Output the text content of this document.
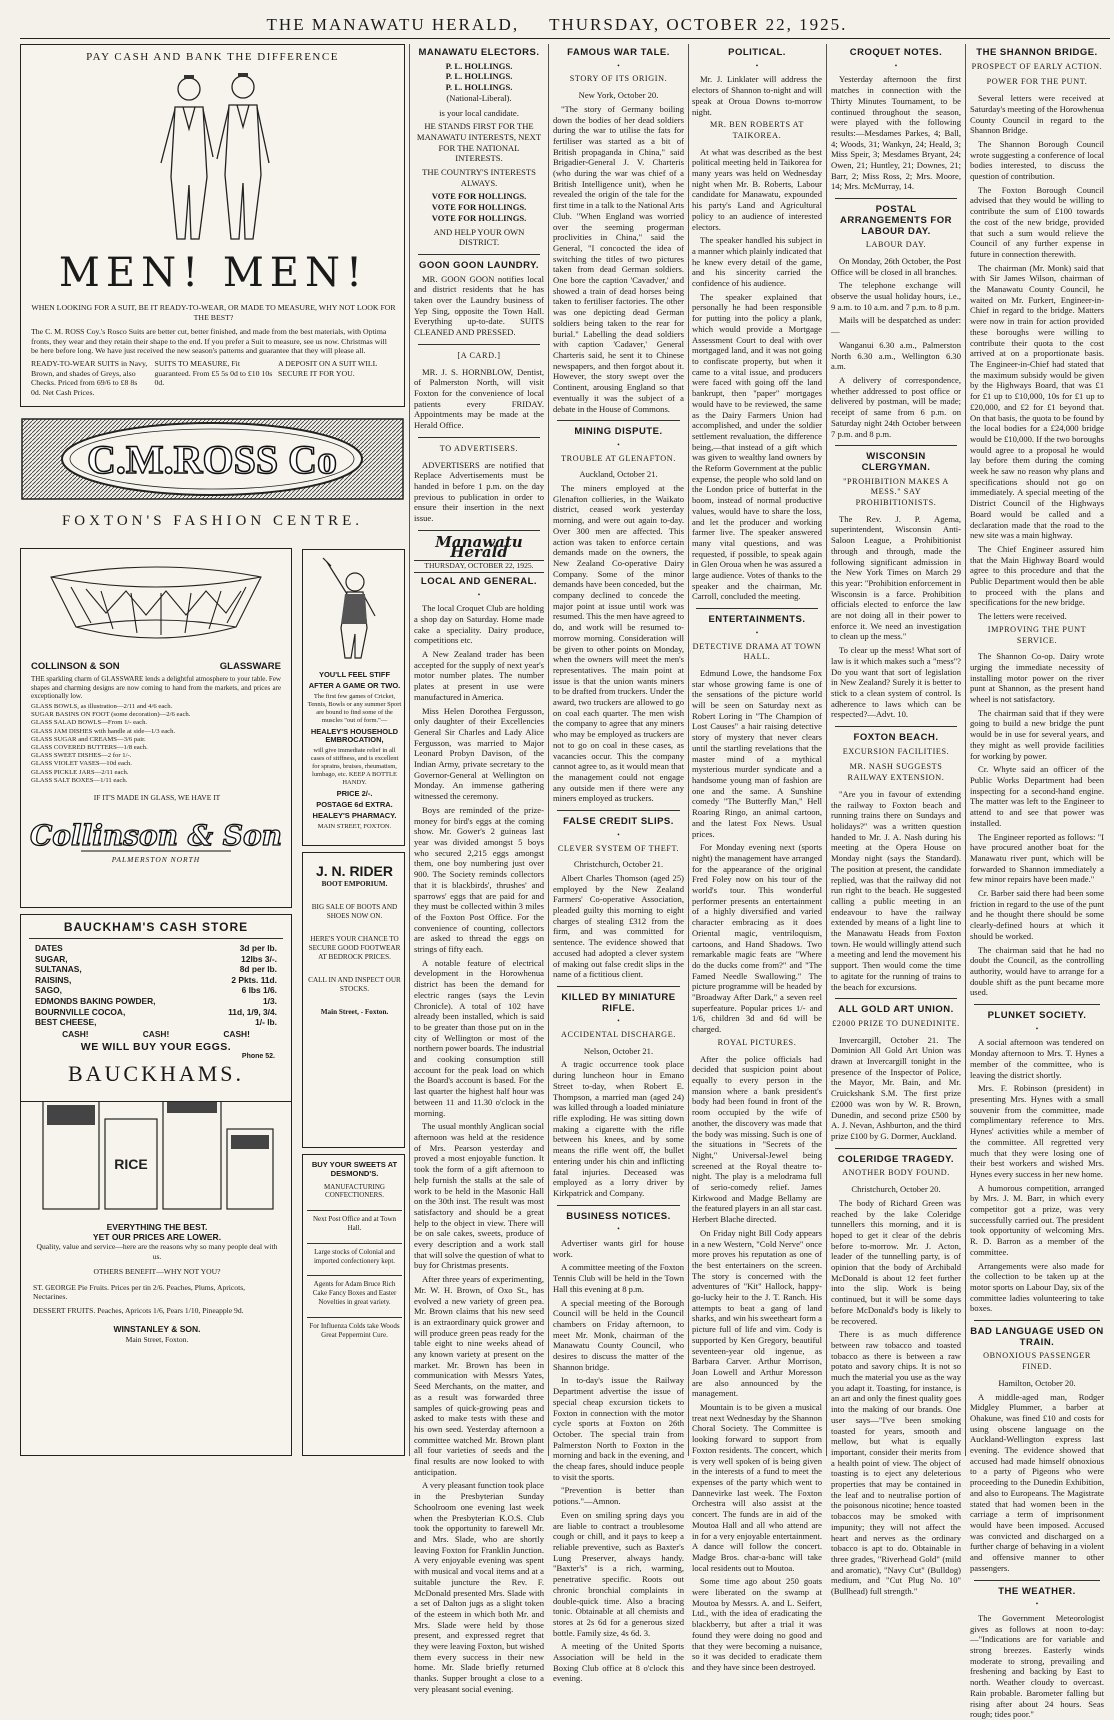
THE MANAWATU HERALD, THURSDAY, OCTOBER 22, 1925.
PAY CASH AND BANK THE DIFFERENCE
MEN! MEN!
WHEN LOOKING FOR A SUIT, BE IT READY-TO-WEAR, OR MADE TO MEASURE, WHY NOT LOOK FOR THE BEST?
The C. M. ROSS Coy.'s Rosco Suits are better cut, better finished, and made from the best materials, with Optima fronts, they wear and they retain their shape to the end. If you prefer a Suit to measure, see us now. Christmas will be here before long. We have just received the new season's patterns and guarantee that they will please all.
READY-TO-WEAR SUITS in Navy, Brown, and shades of Greys, also Checks. Priced from 69/6 to £8 8s 0d. Net Cash Prices.
SUITS TO MEASURE, Fit guaranteed. From £5 5s 0d to £10 10s 0d.
A DEPOSIT ON A SUIT WILL SECURE IT FOR YOU.
C.M.ROSS Co
FOXTON'S FASHION CENTRE.
YOU'LL FEEL STIFF
AFTER A GAME OR TWO.
The first few games of Cricket, Tennis, Bowls or any summer Sport are bound to find some of the muscles "out of form."—
HEALEY'S HOUSEHOLD EMBROCATION,
will give immediate relief in all cases of stiffness, and is excellent for sprains, bruises, rheumatism, lumbago, etc. KEEP A BOTTLE HANDY.
PRICE 2/-.
POSTAGE 6d EXTRA.
HEALEY'S PHARMACY.
MAIN STREET, FOXTON.
J. N. RIDER
BOOT EMPORIUM.
BIG SALE OF BOOTS AND SHOES NOW ON.
HERE'S YOUR CHANCE TO SECURE GOOD FOOTWEAR AT BEDROCK PRICES.
CALL IN AND INSPECT OUR STOCKS.
Main Street, - Foxton.
RICE
EVERYTHING THE BEST.
YET OUR PRICES ARE LOWER.
Quality, value and service—here are the reasons why so many people deal with us.
OTHERS BENEFIT—WHY NOT YOU?
ST. GEORGE Pie Fruits. Prices per tin 2/6. Peaches, Plums, Apricots, Nectarines.
DESSERT FRUITS. Peaches, Apricots 1/6, Pears 1/10, Pineapple 9d.
WINSTANLEY & SON.
Main Street, Foxton.
BUY YOUR SWEETS AT DESMOND'S.
MANUFACTURING CONFECTIONERS.
Next Post Office and at Town Hall.
Large stocks of Colonial and imported confectionery kept.
Agents for Adam Bruce Rich Cake Fancy Boxes and Easter Novelties in great variety.
For Influenza Colds take Woods Great Peppermint Cure.
COLLINSON & SON	GLASSWARE
THE sparkling charm of GLASSWARE lends a delightful atmosphere to your table. Few shapes and charming designs are now coming to hand from the markets, and prices are exceptionally low.
GLASS BOWLS, as illustration—2/11 and 4/6 each.
SUGAR BASINS ON FOOT (some decoration)—2/6 each.
GLASS SALAD BOWLS—From 1/- each.
GLASS JAM DISHES with handle at side—1/3 each.
GLASS SUGAR and CREAMS—3/6 pair.
GLASS COVERED BUTTERS—1/8 each.
GLASS SWEET DISHES—2 for 1/-.
GLASS VIOLET VASES—10d each.
GLASS PICKLE JARS—2/11 each.
GLASS SALT BOXES—1/11 each.
IF IT'S MADE IN GLASS, WE HAVE IT
Collinson & Son
PALMERSTON NORTH
BAUCKHAM'S CASH STORE
DATES	3d per lb.
SUGAR,	12lbs 3/-.
SULTANAS,	8d per lb.
RAISINS,	2 Pkts. 11d.
SAGO,	6 lbs 1/6.
EDMONDS BAKING POWDER,	1/3.
BOURNVILLE COCOA,	11d, 1/9, 3/4.
BEST CHEESE,	1/- lb.
CASH!	CASH!	CASH!
WE WILL BUY YOUR EGGS.
Phone 52.
BAUCKHAMS.
MANAWATU ELECTORS.
P. L. HOLLINGS.
P. L. HOLLINGS.
P. L. HOLLINGS.
(National-Liberal).

is your local candidate.

HE STANDS FIRST FOR THE MANAWATU INTERESTS, NEXT FOR THE NATIONAL INTERESTS.

THE COUNTRY'S INTERESTS ALWAYS.

VOTE FOR HOLLINGS.
VOTE FOR HOLLINGS.
VOTE FOR HOLLINGS.

AND HELP YOUR OWN DISTRICT.

GOON GOON LAUNDRY.

MR. GOON GOON notifies local and district residents that he has taken over the Laundry business of Yep Sing, opposite the Town Hall. Everything up-to-date. SUITS CLEANED AND PRESSED.

[A CARD.]

MR. J. S. HORNBLOW, Dentist, of Palmerston North, will visit Foxton for the convenience of local patients every FRIDAY. Appointments may be made at the Herald Office.

TO ADVERTISERS.

ADVERTISERS are notified that Replace Advertisements must be handed in before 1 p.m. on the day previous to publication in order to ensure their insertion in the next issue.

Manawatu Herald
THURSDAY, OCTOBER 22, 1925.
LOCAL AND GENERAL.
•

The local Croquet Club are holding a shop day on Saturday. Home made cake a speciality. Dairy produce, competitions etc.

A New Zealand trader has been accepted for the supply of next year's motor number plates. The number plates at present in use were manufactured in America.

Miss Helen Dorothea Fergusson, only daughter of their Excellencies General Sir Charles and Lady Alice Fergusson, was married to Major Leonard Probyn Davison, of the Indian Army, private secretary to the Governor-General at Wellington on Monday. An immense gathering witnessed the ceremony.

Boys are reminded of the prize-money for bird's eggs at the coming show. Mr. Gower's 2 guineas last year was divided amongst 5 boys who secured 2,215 eggs amongst them, one boy numbering just over 900. The Society reminds collectors that it is blackbirds', thrushes' and sparrows' eggs that are paid for and they must be collected within 3 miles of the Foxton Post Office. For the convenience of counting, collectors are asked to thread the eggs on strings of fifty each.

A notable feature of electrical development in the Horowhenua district has been the demand for electric ranges (says the Levin Chronicle). A total of 102 have already been installed, which is said to be greater than those put on in the city of Wellington or most of the northern power boards. The industrial and cooking consumption still account for the peak load on which the Board's account is based. For the last quarter the highest half hour was between 11 and 11.30 o'clock in the morning.

The usual monthly Anglican social afternoon was held at the residence of Mrs. Pearson yesterday and proved a most enjoyable function. It took the form of a gift afternoon to help furnish the stalls at the sale of work to be held in the Masonic Hall on the 30th inst. The result was most satisfactory and should be a great help to the object in view. There will be on sale cakes, sweets, produce of every description and a work stall that will solve the question of what to buy for Christmas presents.

After three years of experimenting, Mr. W. H. Brown, of Oxo St., has evolved a new variety of green pea. Mr. Brown claims that his new seed is an extraordinary quick grower and will produce green peas ready for the table eight to nine weeks ahead of any known variety at present on the market. Mr. Brown has been in communication with Messrs Yates, Seed Merchants, on the matter, and as a result was forwarded three samples of quick-growing peas and asked to make tests with these and his own seed. Yesterday afternoon a committee watched Mr. Brown plant all four varieties of seeds and the final results are now looked to with anticipation.

A very pleasant function took place in the Presbyterian Sunday Schoolroom one evening last week when the Presbyterian K.O.S. Club took the opportunity to farewell Mr. and Mrs. Slade, who are shortly leaving Foxton for Franklin Junction. A very enjoyable evening was spent with musical and vocal items and at a suitable juncture the Rev. F. McDonald presented Mrs. Slade with a set of Dalton jugs as a slight token of the esteem in which both Mr. and Mrs. Slade were held by those present, and expressed regret that they were leaving Foxton, but wished them every success in their new home. Mr. Slade briefly returned thanks. Supper brought a close to a very pleasant social evening.

FAMOUS WAR TALE.
•
STORY OF ITS ORIGIN.

New York, October 20.

"The story of Germany boiling down the bodies of her dead soldiers during the war to utilise the fats for fertiliser was started as a bit of British propaganda in China," said Brigadier-General J. V. Charteris (who during the war was chief of a British Intelligence unit), when he revealed the origin of the tale for the first time in a talk to the National Arts Club. "When England was worried over the seeming progerman proclivities in China," said the General, "I concocted the idea of switching the titles of two pictures taken from dead German soldiers. One bore the caption 'Cavadver,' and showed a train of dead horses being taken to fertiliser factories. The other was one depicting dead German soldiers being taken to the rear for burial." Labelling the dead soldiers with caption 'Cadaver,' General Charteris said, he sent it to Chinese newspapers, and then forgot about it. However, the story swept over the Continent, arousing England so that eventually it was the subject of a debate in the House of Commons.

MINING DISPUTE.
•
TROUBLE AT GLENAFTON.

Auckland, October 21.

The miners employed at the Glenafton collieries, in the Waikato district, ceased work yesterday morning, and were out again to-day. Over 300 men are affected. This action was taken to enforce certain demands made on the owners, the New Zealand Co-operative Dairy Company. Some of the minor demands have been conceded, but the company declined to concede the major point at issue until work was resumed. This the men have agreed to do, and work will be resumed to-morrow morning. Consideration will be given to other points on Monday, when the owners will meet the men's representatives. The main point at issue is that the union wants miners to be drafted from truckers. Under the award, two truckers are allowed to go on coal each quarter. The men wish the company to agree that any miners who may be employed as truckers are not to go on coal in these cases, as vacancies occur. This the company cannot agree to, as it would mean that the management could not engage any outside men if there were any miners employed as truckers.

FALSE CREDIT SLIPS.
•
CLEVER SYSTEM OF THEFT.

Christchurch, October 21.

Albert Charles Thomson (aged 25) employed by the New Zealand Farmers' Co-operative Association, pleaded guilty this morning to eight charges of stealing £312 from the firm, and was committed for sentence. The evidence showed that accused had adopted a clever system of making out false credit slips in the name of a fictitious client.

KILLED BY MINIATURE RIFLE.
•
ACCIDENTAL DISCHARGE.

Nelson, October 21.

A tragic occurrence took place during luncheon hour in Emano Street to-day, when Robert E. Thompson, a married man (aged 24) was killed through a loaded miniature rifle exploding. He was sitting down making a cigarette with the rifle between his knees, and by some means the rifle went off, the bullet entering under his chin and inflicting fatal injuries. Deceased was employed as a lorry driver by Kirkpatrick and Company.

BUSINESS NOTICES.
•

Advertiser wants girl for house work.

A committee meeting of the Foxton Tennis Club will be held in the Town Hall this evening at 8 p.m.

A special meeting of the Borough Council will be held in the Council chambers on Friday afternoon, to meet Mr. Monk, chairman of the Manawatu County Council, who desires to discuss the matter of the Shannon bridge.

In to-day's issue the Railway Department advertise the issue of special cheap excursion tickets to Foxton in connection with the motor cycle sports at Foxton on 26th October. The special train from Palmerston North to Foxton in the morning and back in the evening, and the cheap fares, should induce people to visit the sports.

"Prevention is better than potions."—Amnon.

Even on smiling spring days you are liable to contract a troublesome cough or chill, and it pays to keep a reliable preventive, such as Baxter's Lung Preserver, always handy. "Baxter's" is a rich, warming, penetrative specific. Roots out chronic bronchial complaints in double-quick time. Also a bracing tonic. Obtainable at all chemists and stores at 2s 6d for a generous sized bottle. Family size, 4s 6d. 3.

A meeting of the United Sports Association will be held in the Boxing Club office at 8 o'clock this evening.

POLITICAL.
•

Mr. J. Linklater will address the electors of Shannon to-night and will speak at Oroua Downs to-morrow night.

MR. BEN ROBERTS AT TAIKOREA.

At what was described as the best political meeting held in Taikorea for many years was held on Wednesday night when Mr. B. Roberts, Labour candidate for Manawatu, expounded his party's Land and Agricultural policy to an audience of interested electors.

The speaker handled his subject in a manner which plainly indicated that he knew every detail of the game, and his sincerity carried the confidence of his audience.

The speaker explained that personally he had been responsible for putting into the policy a plank, which would provide a Mortgage Assessment Court to deal with over mortgaged land, and it was not going to confiscate property, but when it came to a vital issue, and producers were faced with going off the land bankrupt, then "paper" mortgages would have to be reviewed, the same as the Dairy Farmers Union had accomplished, and under the soldier settlement revaluation, the difference being,—that instead of a gift which was given to wealthy land owners by the Reform Government at the public expense, the people who sold land on the London price of butterfat in the boom, instead of normal productive values, would have to share the loss, and let the producer and working farmer live. The speaker answered many vital questions, and was requested, if possible, to speak again in Glen Oroua when he was assured a large audience. Votes of thanks to the speaker and the chairman, Mr. Carroll, concluded the meeting.

ENTERTAINMENTS.
•
DETECTIVE DRAMA AT TOWN HALL.

Edmund Lowe, the handsome Fox star whose growing fame is one of the sensations of the picture world will be seen on Saturday next as Robert Loring in "The Champion of Lost Causes" a hair raising detective story of mystery that never clears until the startling revelations that the master mind of a mythical mysterious murder syndicate and a handsome young man of fashion are one and the same. A Sunshine comedy "The Butterfly Man," Hell Roaring Ringo, an animal cartoon, and the latest Fox News. Usual prices.

For Monday evening next (sports night) the management have arranged for the appearance of the original Fred Foley now on his tour of the world's tour. This wonderful performer presents an entertainment of a highly diversified and varied character embracing as it does Oriental magic, ventriloquism, cartoons, and Hand Shadows. Two remarkable magic feats are "Where do the ducks come from?" and "The Famed Needle Swallowing." The picture programme will be headed by "Broadway After Dark," a seven reel superfeature. Popular prices 1/- and 1/6, children 3d and 6d will be charged.

ROYAL PICTURES.

After the police officials had decided that suspicion point about equally to every person in the mansion where a bank president's body had been found in front of the room occupied by the wife of another, the discovery was made that the body was missing. Such is one of the situations in "Secrets of the Night," Universal-Jewel being screened at the Royal theatre to-night. The play is a melodrama full of serio-comedy relief. James Kirkwood and Madge Bellamy are the featured players in an all star cast. Herbert Blache directed.

On Friday night Bill Cody appears in a new Western, "Cold Nerve" once more proves his reputation as one of the best entertainers on the screen. The story is concerned with the adventures of "Kit" Hallock, happy-go-lucky heir to the J. T. Ranch. His attempts to beat a gang of land sharks, and win his sweetheart form a picture full of life and vim. Cody is supported by Ken Gregory, beautiful seventeen-year old ingenue, as Barbara Carver. Arthur Morrison, Joan Lowell and Arthur Moresson are also announced by the management.

Mountain is to be given a musical treat next Wednesday by the Shannon Choral Society. The Committee is looking forward to support from Foxton residents. The concert, which is very well spoken of is being given in the interests of a fund to meet the expenses of the party which went to Dannevirke last week. The Foxton Orchestra will also assist at the concert. The funds are in aid of the Moutoa Hall and all who attend are in for a very enjoyable entertainment. A dance will follow the concert. Madge Bros. char-a-banc will take local residents out to Moutoa.

Some time ago about 250 goats were liberated on the swamp at Moutoa by Messrs. A. and L. Seifert, Ltd., with the idea of eradicating the blackberry, but after a trial it was found they were doing no good and that they were becoming a nuisance, so it was decided to eradicate them and they have since been destroyed.

CROQUET NOTES.
•

Yesterday afternoon the first matches in connection with the Thirty Minutes Tournament, to be continued throughout the season, were played with the following results:—Mesdames Parkes, 4; Ball, 4; Woods, 31; Wankyn, 24; Heald, 3; Miss Speir, 3; Mesdames Bryant, 24; Owen, 21; Huntley, 21; Downes, 21; Barr, 2; Miss Ross, 2; Mrs. Moore, 14; Mrs. McMurray, 14.

POSTAL ARRANGEMENTS FOR LABOUR DAY.
LABOUR DAY.

On Monday, 26th October, the Post Office will be closed in all branches.

The telephone exchange will observe the usual holiday hours, i.e., 9 a.m. to 10 a.m. and 7 p.m. to 8 p.m.

Mails will be despatched as under:—

Wanganui 6.30 a.m., Palmerston North 6.30 a.m., Wellington 6.30 a.m.

A delivery of correspondence, whether addressed to post office or delivered by postman, will be made; receipt of same from 6 p.m. on Saturday night 24th October between 7 p.m. and 8 p.m.

WISCONSIN CLERGYMAN.
"PROHIBITION MAKES A MESS." SAY PROHIBITIONISTS.

The Rev. J. P. Agema, superintendent, Wisconsin Anti-Saloon League, a Prohibitionist through and through, made the following significant admission in the New York Times on March 29 this year: "Prohibition enforcement in Wisconsin is a farce. Prohibition officials elected to enforce the law are not doing all in their power to enforce it. We need an investigation to clean up the mess."

To clear up the mess! What sort of law is it which makes such a "mess"? Do you want that sort of legislation in New Zealand? Surely it is better to stick to a clean system of control. Is adherence to laws which can be respected?—Advt. 10.

FOXTON BEACH.
EXCURSION FACILITIES.
MR. NASH SUGGESTS RAILWAY EXTENSION.

"Are you in favour of extending the railway to Foxton beach and running trains there on Sundays and holidays?" was a written question handed to Mr. J. A. Nash during his meeting at the Opera House on Monday night (says the Standard). The position at present, the candidate replied, was that the railway did not run right to the beach. He suggested calling a public meeting in an endeavour to have the railway extended by means of a light line to the Manawatu Heads from Foxton town. He would willingly attend such a meeting and lend the movement his support. Then would come the time to agitate for the running of trains to the beach for excursions.

ALL GOLD ART UNION.
£2000 PRIZE TO DUNEDINITE.

Invercargill, October 21. The Dominion All Gold Art Union was drawn at Invercargill tonight in the presence of the Inspector of Police, the Mayor, Mr. Bain, and Mr. Cruickshank S.M. The first prize £2000 was won by W. R. Brown, Dunedin, and second prize £500 by A. J. Nevan, Ashburton, and the third prize £100 by G. Dormer, Auckland.

COLERIDGE TRAGEDY.
ANOTHER BODY FOUND.

Christchurch, October 20.

The body of Richard Green was reached by the lake Coleridge tunnellers this morning, and it is hoped to get it clear of the debris before to-morrow. Mr. J. Acton, leader of the tunnelling party, is of opinion that the body of Archibald McDonald is about 12 feet further into the slip. Work is being continued, but it will be some days before McDonald's body is likely to be recovered.

There is as much difference between raw tobacco and toasted tobacco as there is between a raw potato and savory chips. It is not so much the material you use as the way you adapt it. Toasting, for instance, is an art and only the finest quality goes into the making of our brands. One user says—"I've been smoking toasted for years, smooth and mellow, but what is equally important, consider their merits from a health point of view. The object of toasting is to eject any deleterious properties that may be contained in the leaf and to neutralise portion of the poisonous nicotine; hence toasted tobaccos may be smoked with impunity; they will not affect the heart and nerves as the ordinary tobacco is apt to do. Obtainable in three grades, "Riverhead Gold" (mild and aromatic), "Navy Cut" (Bulldog) medium, and "Cut Plug No. 10" (Bullhead) full strength."

THE SHANNON BRIDGE.
PROSPECT OF EARLY ACTION.
POWER FOR THE PUNT.

Several letters were received at Saturday's meeting of the Horowhenua County Council in regard to the Shannon Bridge.

The Shannon Borough Council wrote suggesting a conference of local bodies interested, to discuss the question of contribution.

The Foxton Borough Council advised that they would be willing to contribute the sum of £100 towards the cost of the new bridge, provided that such a sum would relieve the Council of any further expense in future in connection therewith.

The chairman (Mr. Monk) said that with Sir James Wilson, chairman of the Manawatu County Council, he waited on Mr. Furkert, Engineer-in-Chief in regard to the bridge. Matters were now in train for action provided these boroughs were willing to contribute their quota to the cost arrived at on a proportionate basis. The Engineer-in-Chief had stated that the maximum subsidy would be given by the Highways Board, that was £1 for £1 up to £10,000, 10s for £1 up to £20,000, and £2 for £1 beyond that. On that basis, the quota to be found by the local bodies for a £24,000 bridge would be £10,000. If the two boroughs would agree to a proposal he would lay before them during the coming week he saw no reason why plans and specifications should not go on immediately. A special meeting of the District Council of the Highways Board would be called and a declaration made that the road to the new site was a main highway.

The Chief Engineer assured him that the Main Highway Board would agree to this procedure and that the Public Department would then be able to proceed with the plans and specifications for the new bridge.

The letters were received.

IMPROVING THE PUNT SERVICE.

The Shannon Co-op. Dairy wrote urging the immediate necessity of installing motor power on the river punt at Shannon, as the present hand wheel is not satisfactory.

The chairman said that if they were going to build a new bridge the punt would be in use for several years, and they might as well provide facilities for working by power.

Cr. Whyte said an officer of the Public Works Department had been inspecting for a second-hand engine. The matter was left to the Engineer to attend to and see that power was installed.

The Engineer reported as follows: "I have procured another boat for the Manawatu river punt, which will be forwarded to Shannon immediately a few minor repairs have been made."

Cr. Barber said there had been some friction in regard to the use of the punt and he thought there should be some clearly-defined hours at which it should be worked.

The chairman said that he had no doubt the Council, as the controlling authority, would have to arrange for a double shift as the punt became more used.

PLUNKET SOCIETY.
•

A social afternoon was tendered on Monday afternoon to Mrs. T. Hynes a member of the committee, who is leaving the district shortly.

Mrs. F. Robinson (president) in presenting Mrs. Hynes with a small souvenir from the committee, made complimentary reference to Mrs. Hynes' activities while a member of the committee. All regretted very much that they were losing one of their best workers and wished Mrs. Hynes every success in her new home.

A humorous competition, arranged by Mrs. J. M. Barr, in which every competitor got a prize, was very successfully carried out. The president took opportunity of welcoming Mrs. R. D. Barron as a member of the committee.

Arrangements were also made for the collection to be taken up at the motor sports on Labour Day, six of the committee ladies volunteering to take boxes.

BAD LANGUAGE USED ON TRAIN.
OBNOXIOUS PASSENGER FINED.

Hamilton, October 20.

A middle-aged man, Rodger Midgley Plummer, a barber at Ohakune, was fined £10 and costs for using obscene language on the Auckland-Wellington express last evening. The evidence showed that accused had made himself obnoxious to a party of Pigeons who were proceeding to the Dunedin Exhibition, and also to Europeans. The Magistrate stated that had women been in the carriage a term of imprisonment would have been imposed. Accused was convicted and discharged on a further charge of behaving in a violent and offensive manner to other passengers.

THE WEATHER.
•

The Government Meteorologist gives as follows at noon to-day:—"Indications are for variable and strong breezes. Easterly winds moderate to strong, prevailing and freshening and backing by East to north. Weather cloudy to overcast. Rain probable. Barometer falling but rising after about 24 hours. Seas rough; tides poor."
